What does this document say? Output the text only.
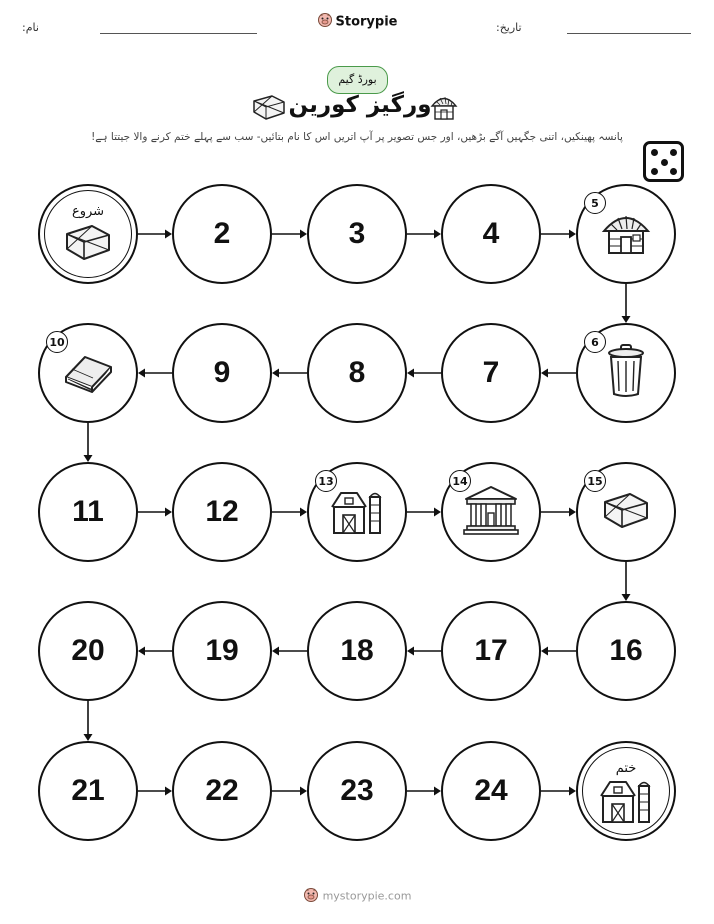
نام:	Storypie	تاریخ:
بورڈ گیم
ورگیز کورین
پانسہ پھینکیں، اتنی جگہیں آگے بڑھیں، اور جس تصویر پر آپ اتریں اس کا نام بتائیں- سب سے پہلے ختم کرنے والا جیتتا ہے!
شروع
2	3	4
5
6
7
8
9
10
11	12
13	14	15
16
17
18
19
20
21	22	23	24
ختم
mystorypie.com
